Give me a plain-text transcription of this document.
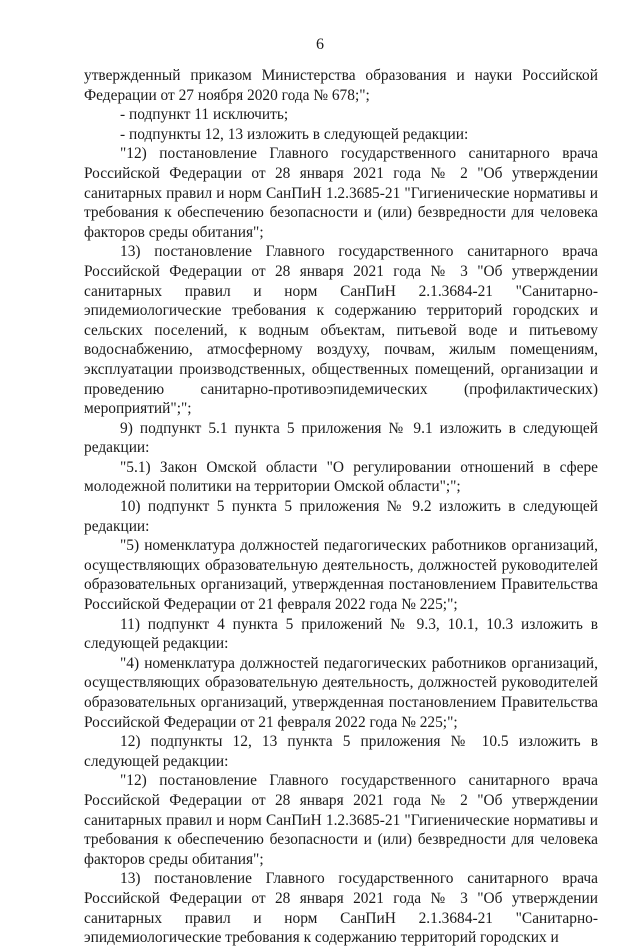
6

утвержденный приказом Министерства образования и науки Российской Федерации от 27 ноября 2020 года № 678;";

- подпункт 11 исключить;

- подпункты 12, 13 изложить в следующей редакции:

"12) постановление Главного государственного санитарного врача Российской Федерации от 28 января 2021 года № 2 "Об утверждении санитарных правил и норм СанПиН 1.2.3685-21 "Гигиенические нормативы и требования к обеспечению безопасности и (или) безвредности для человека факторов среды обитания";

13) постановление Главного государственного санитарного врача Российской Федерации от 28 января 2021 года № 3 "Об утверждении санитарных правил и норм СанПиН 2.1.3684-21 "Санитарно-эпидемиологические требования к содержанию территорий городских и сельских поселений, к водным объектам, питьевой воде и питьевому водоснабжению, атмосферному воздуху, почвам, жилым помещениям, эксплуатации производственных, общественных помещений, организации и проведению санитарно-противоэпидемических (профилактических) мероприятий";";

9) подпункт 5.1 пункта 5 приложения № 9.1 изложить в следующей редакции:

"5.1) Закон Омской области "О регулировании отношений в сфере молодежной политики на территории Омской области";";

10) подпункт 5 пункта 5 приложения № 9.2 изложить в следующей редакции:

"5) номенклатура должностей педагогических работников организаций, осуществляющих образовательную деятельность, должностей руководителей образовательных организаций, утвержденная постановлением Правительства Российской Федерации от 21 февраля 2022 года № 225;";

11) подпункт 4 пункта 5 приложений № 9.3, 10.1, 10.3 изложить в следующей редакции:

"4) номенклатура должностей педагогических работников организаций, осуществляющих образовательную деятельность, должностей руководителей образовательных организаций, утвержденная постановлением Правительства Российской Федерации от 21 февраля 2022 года № 225;";

12) подпункты 12, 13 пункта 5 приложения № 10.5 изложить в следующей редакции:

"12) постановление Главного государственного санитарного врача Российской Федерации от 28 января 2021 года № 2 "Об утверждении санитарных правил и норм СанПиН 1.2.3685-21 "Гигиенические нормативы и требования к обеспечению безопасности и (или) безвредности для человека факторов среды обитания";

13) постановление Главного государственного санитарного врача Российской Федерации от 28 января 2021 года № 3 "Об утверждении санитарных правил и норм СанПиН 2.1.3684-21 "Санитарно-эпидемиологические требования к содержанию территорий городских и
